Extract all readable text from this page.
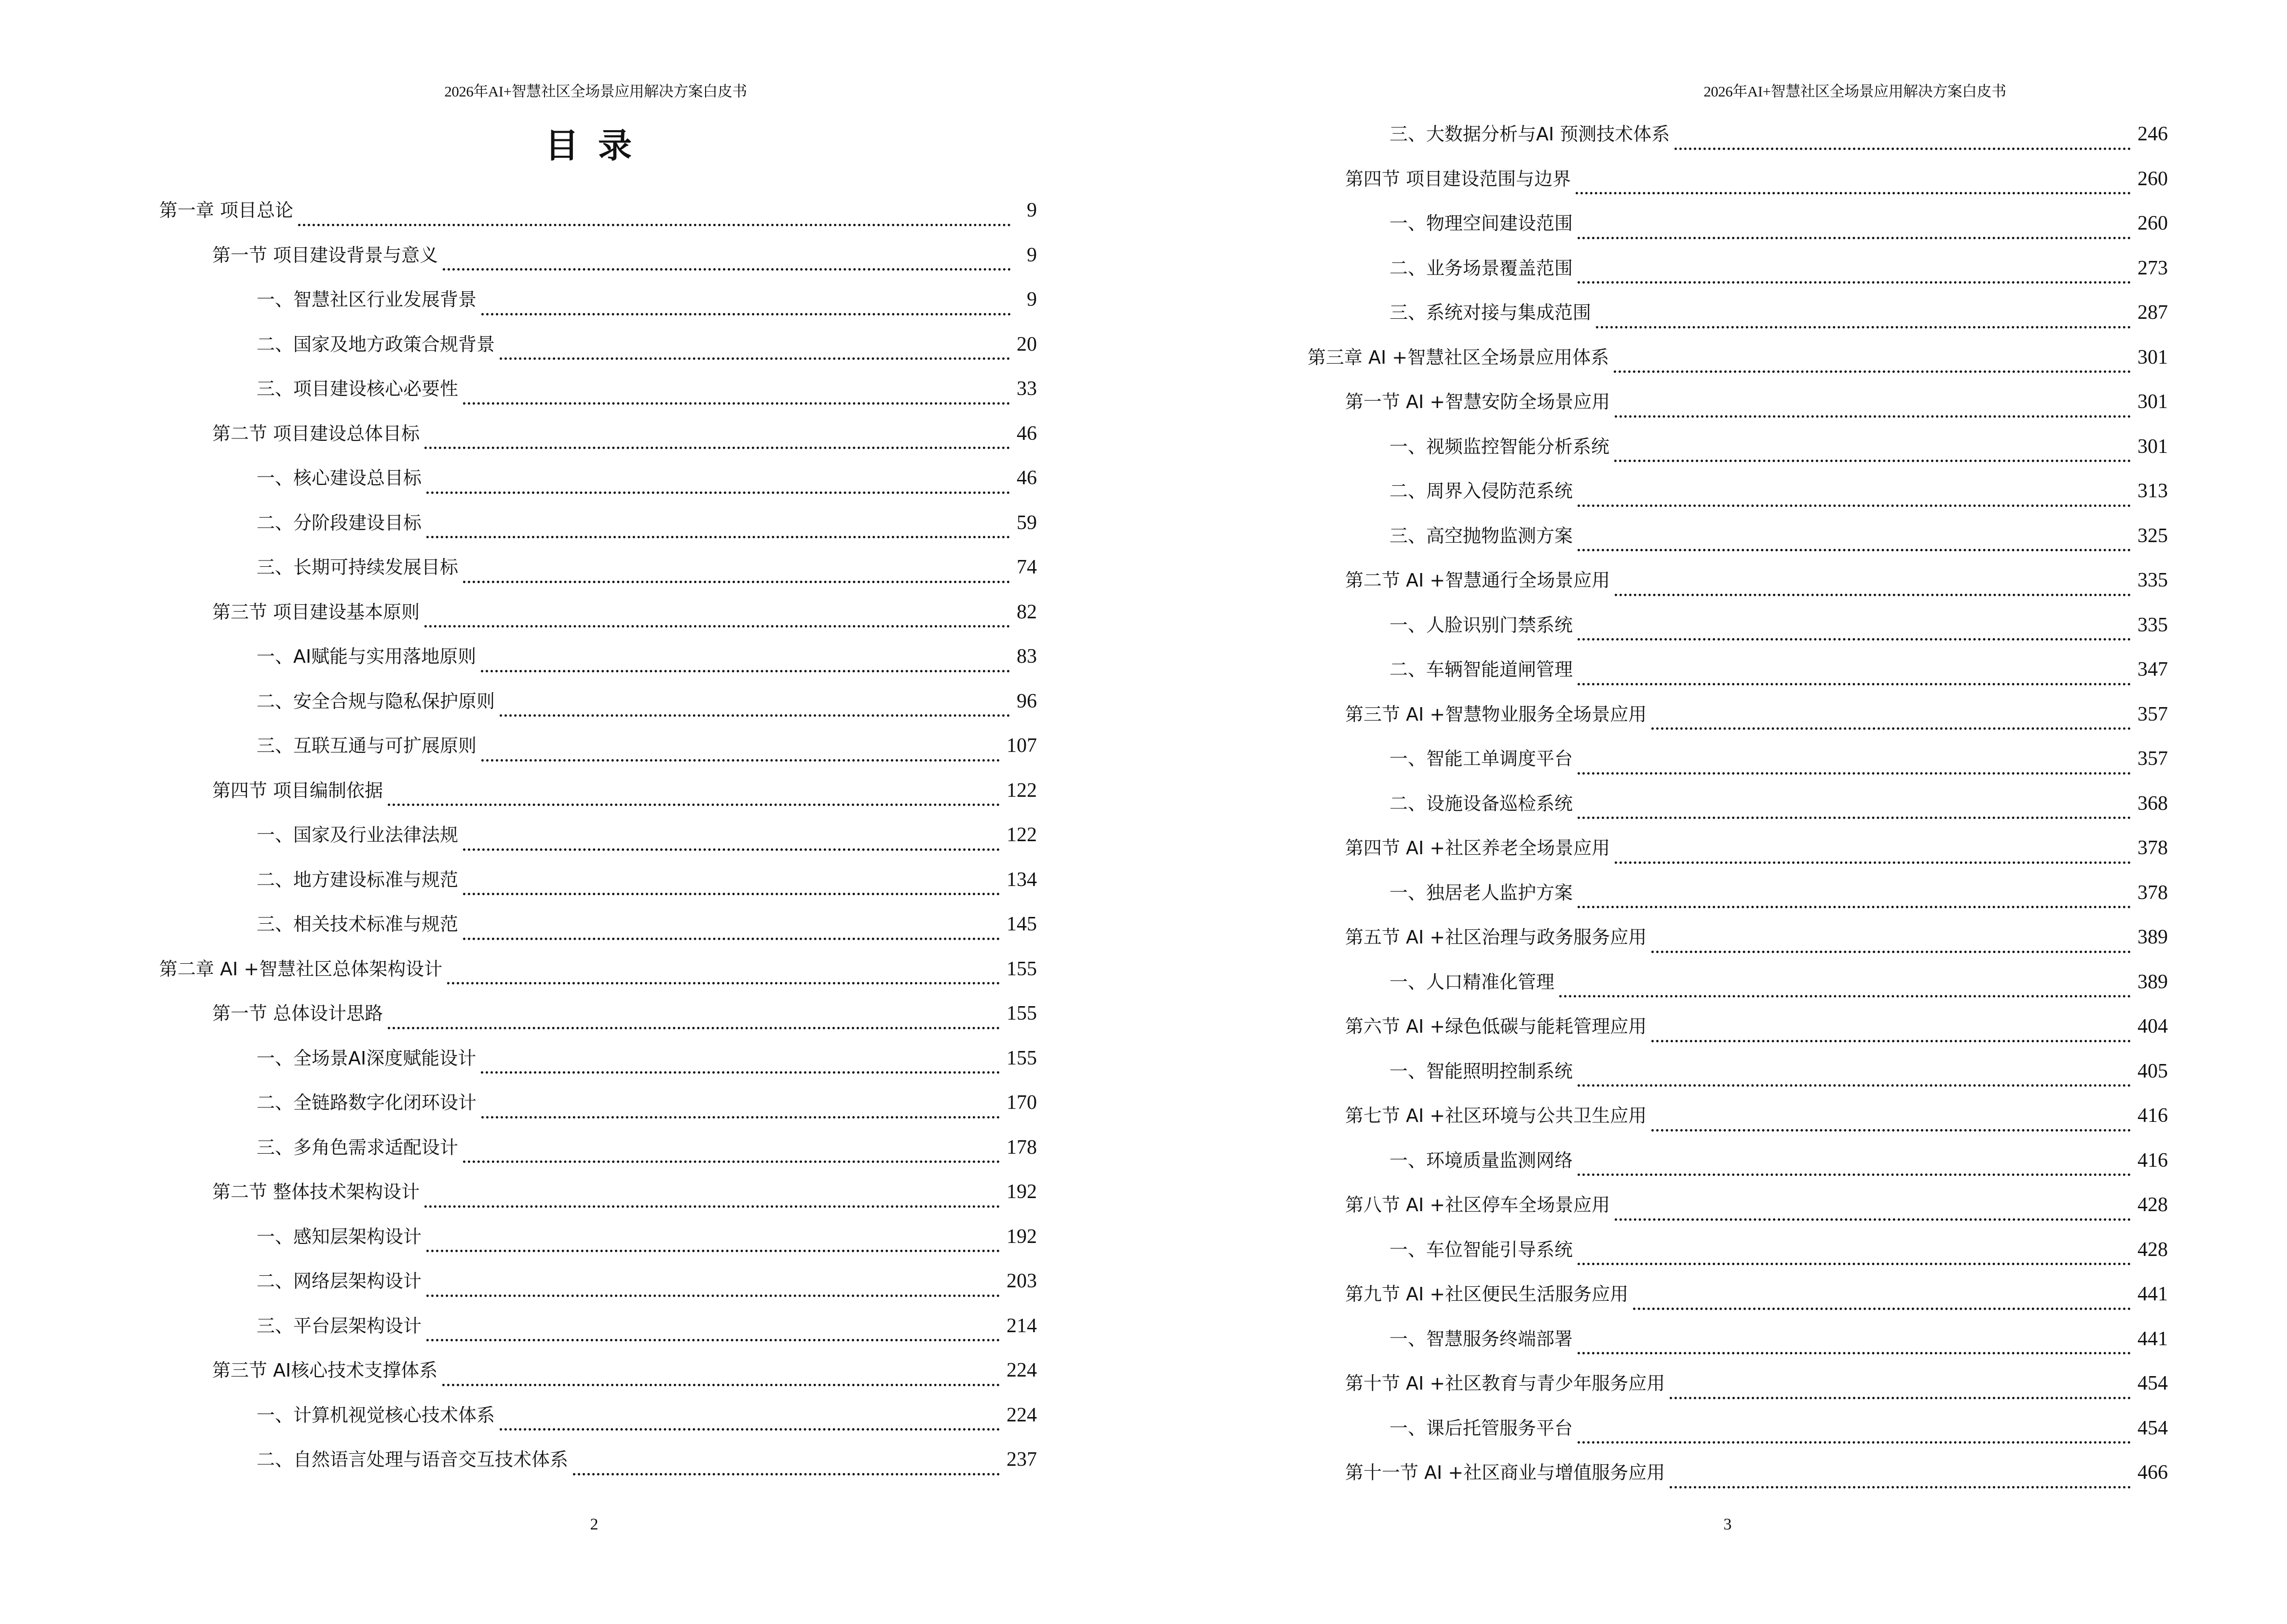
2026年AI+智慧社区全场景应用解决方案白皮书
目录
第一章 项目总论	9
第一节 项目建设背景与意义	9
一、智慧社区行业发展背景	9
二、国家及地方政策合规背景	20
三、项目建设核心必要性	33
第二节 项目建设总体目标	46
一、核心建设总目标	46
二、分阶段建设目标	59
三、长期可持续发展目标	74
第三节 项目建设基本原则	82
一、AI赋能与实用落地原则	83
二、安全合规与隐私保护原则	96
三、互联互通与可扩展原则	107
第四节 项目编制依据	122
一、国家及行业法律法规	122
二、地方建设标准与规范	134
三、相关技术标准与规范	145
第二章 AI +智慧社区总体架构设计	155
第一节 总体设计思路	155
一、全场景AI深度赋能设计	155
二、全链路数字化闭环设计	170
三、多角色需求适配设计	178
第二节 整体技术架构设计	192
一、感知层架构设计	192
二、网络层架构设计	203
三、平台层架构设计	214
第三节 AI核心技术支撑体系	224
一、计算机视觉核心技术体系	224
二、自然语言处理与语音交互技术体系	237
2
2026年AI+智慧社区全场景应用解决方案白皮书
三、大数据分析与AI 预测技术体系	246
第四节 项目建设范围与边界	260
一、物理空间建设范围	260
二、业务场景覆盖范围	273
三、系统对接与集成范围	287
第三章 AI +智慧社区全场景应用体系	301
第一节 AI +智慧安防全场景应用	301
一、视频监控智能分析系统	301
二、周界入侵防范系统	313
三、高空抛物监测方案	325
第二节 AI +智慧通行全场景应用	335
一、人脸识别门禁系统	335
二、车辆智能道闸管理	347
第三节 AI +智慧物业服务全场景应用	357
一、智能工单调度平台	357
二、设施设备巡检系统	368
第四节 AI +社区养老全场景应用	378
一、独居老人监护方案	378
第五节 AI +社区治理与政务服务应用	389
一、人口精准化管理	389
第六节 AI +绿色低碳与能耗管理应用	404
一、智能照明控制系统	405
第七节 AI +社区环境与公共卫生应用	416
一、环境质量监测网络	416
第八节 AI +社区停车全场景应用	428
一、车位智能引导系统	428
第九节 AI +社区便民生活服务应用	441
一、智慧服务终端部署	441
第十节 AI +社区教育与青少年服务应用	454
一、课后托管服务平台	454
第十一节 AI +社区商业与增值服务应用	466
3
